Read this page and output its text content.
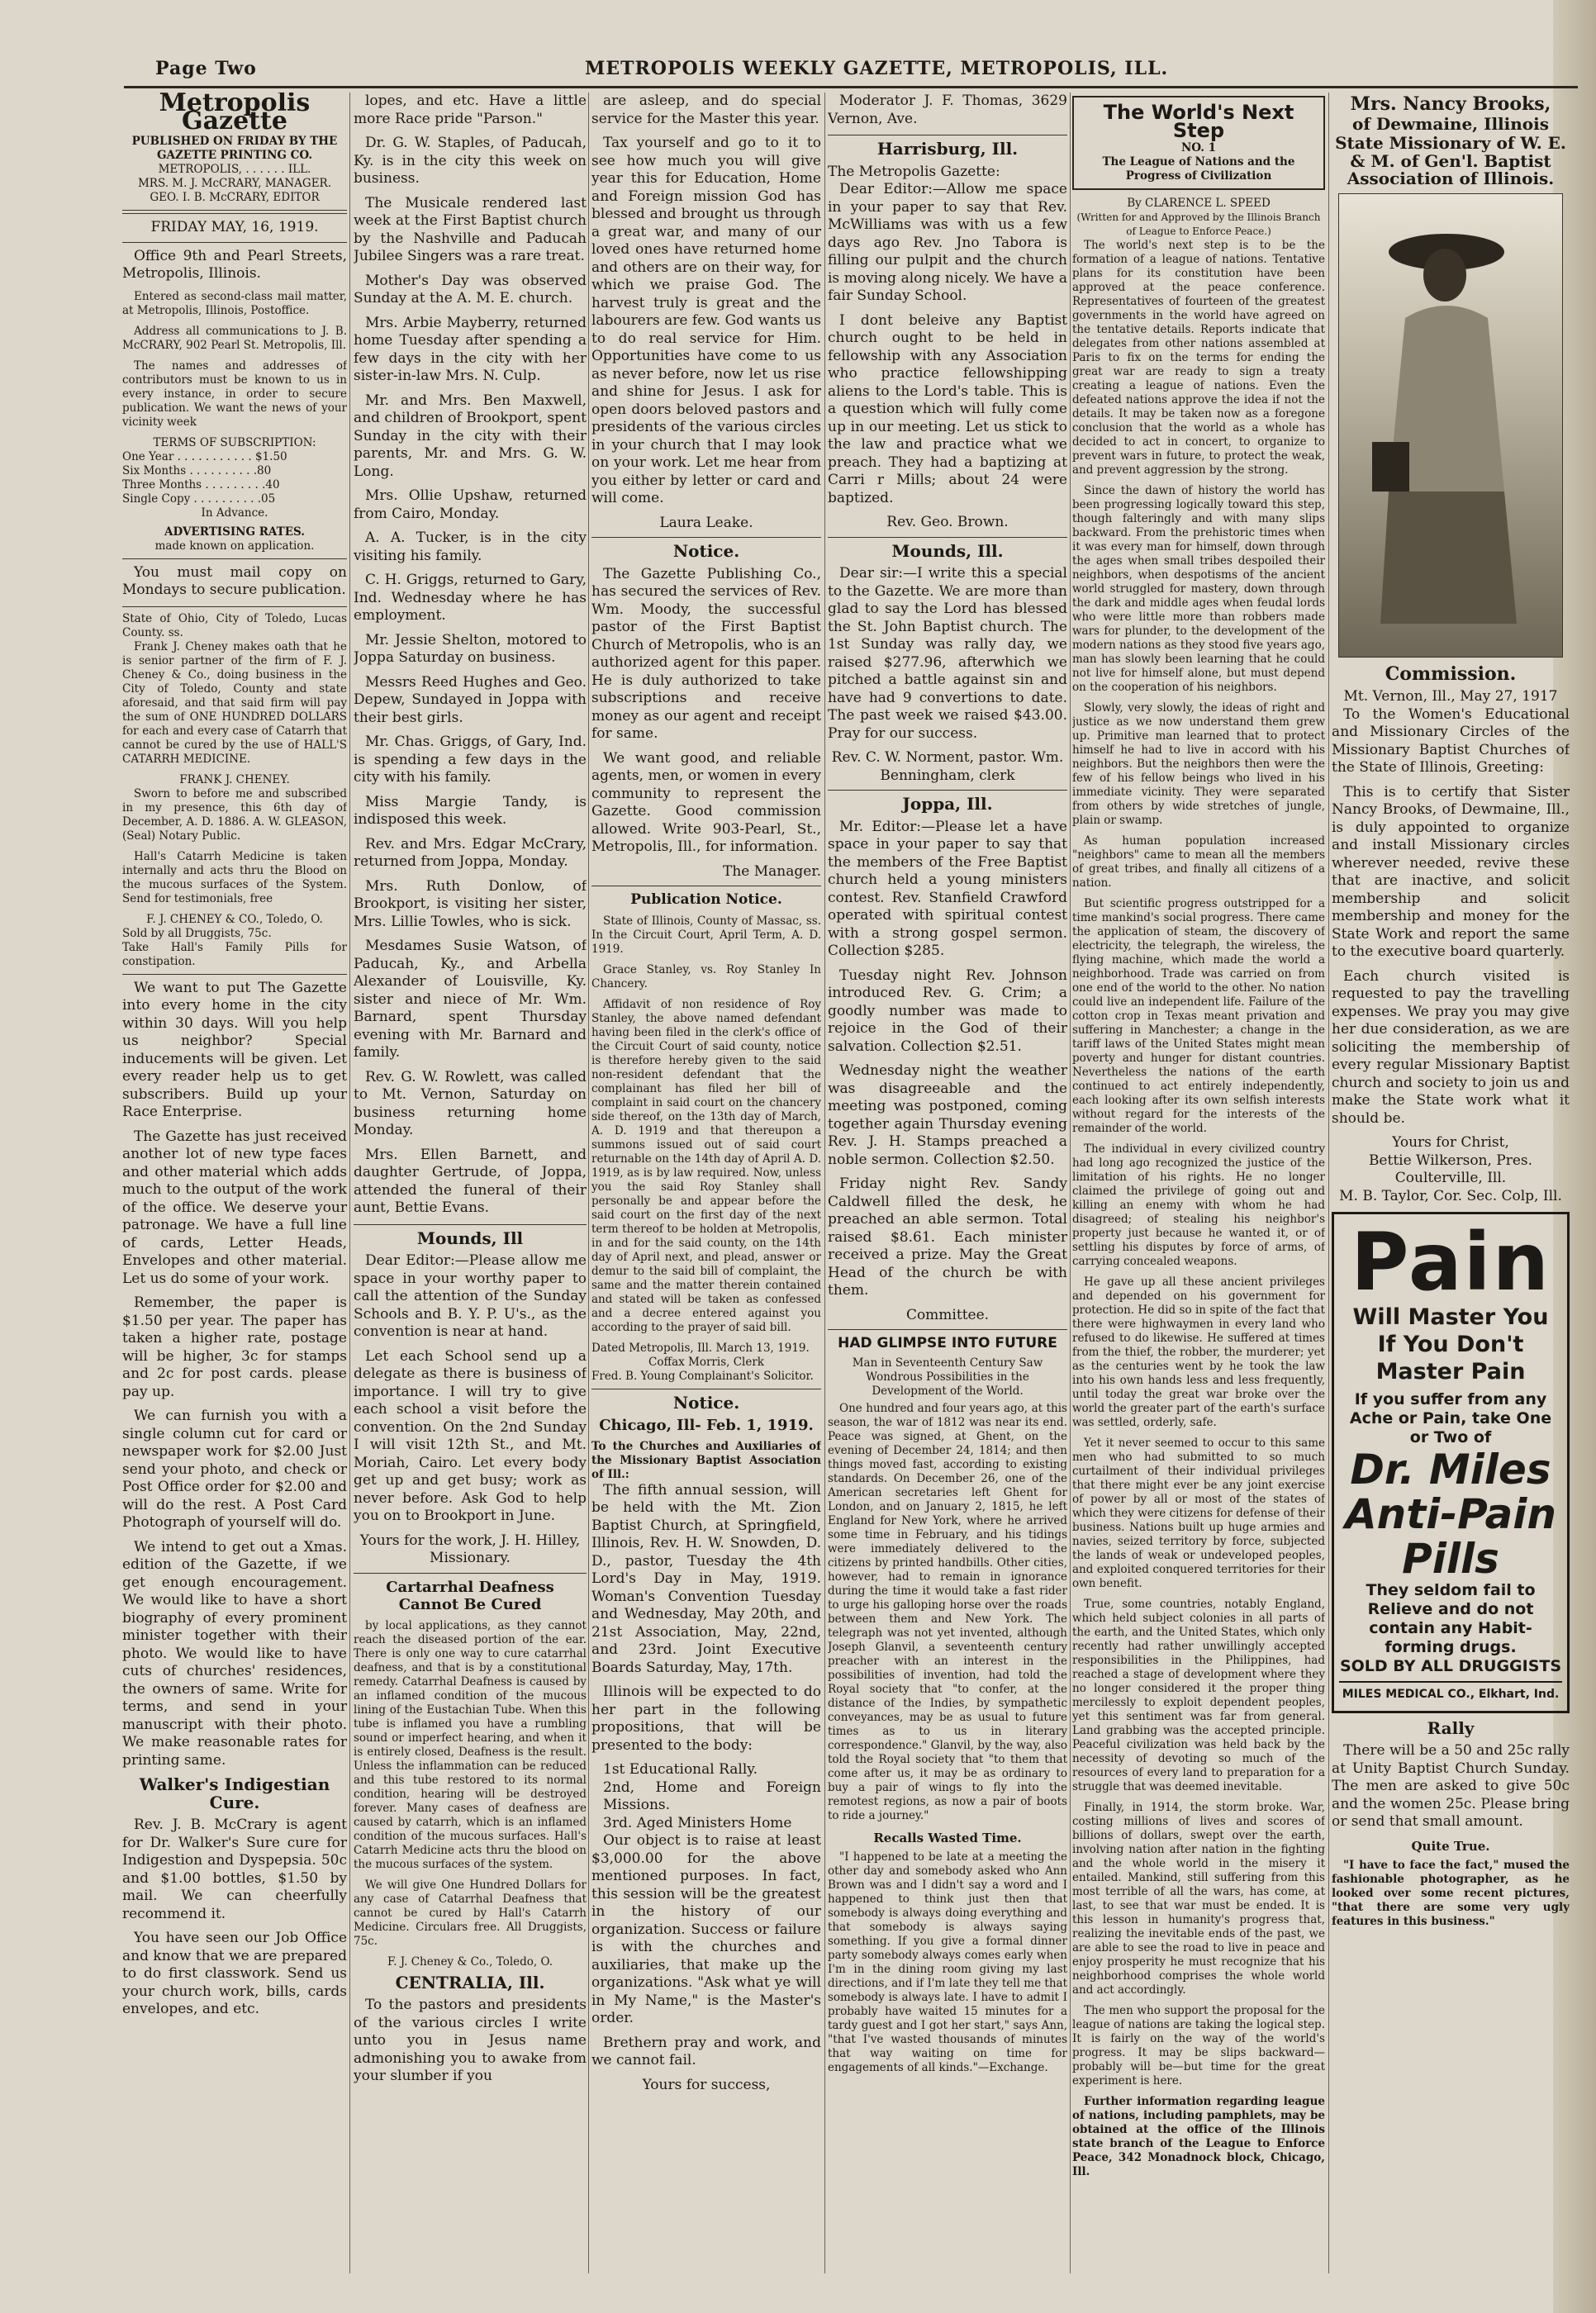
Page Two	METROPOLIS WEEKLY GAZETTE, METROPOLIS, ILL.
Metropolis Gazette
PUBLISHED ON FRIDAY BY THE GAZETTE PRINTING CO.
METROPOLIS, . . . . . . ILL.
MRS. M. J. McCRARY, MANAGER.
GEO. I. B. McCRARY, EDITOR
FRIDAY MAY, 16, 1919.

Office 9th and Pearl Streets, Metropolis, Illinois.

Entered as second-class mail matter, at Metropolis, Illinois, Postoffice.

Address all communications to J. B. McCRARY, 902 Pearl St. Metropolis, Ill.

The names and addresses of contributors must be known to us in every instance, in order to secure publication. We want the news of your vicinity week

TERMS OF SUBSCRIPTION:
One Year . . . . . . . . . . . $1.50
Six Months . . . . . . . . . .80
Three Months . . . . . . . . .40
Single Copy . . . . . . . . . .05
In Advance.
ADVERTISING RATES.
made known on application.

You must mail copy on Mondays to secure publication.

State of Ohio, City of Toledo, Lucas County. ss.

Frank J. Cheney makes oath that he is senior partner of the firm of F. J. Cheney & Co., doing business in the City of Toledo, County and state aforesaid, and that said firm will pay the sum of ONE HUNDRED DOLLARS for each and every case of Catarrh that cannot be cured by the use of HALL'S CATARRH MEDICINE.

FRANK J. CHENEY.

Sworn to before me and subscribed in my presence, this 6th day of December, A. D. 1886. A. W. GLEASON, (Seal) Notary Public.

Hall's Catarrh Medicine is taken internally and acts thru the Blood on the mucous surfaces of the System. Send for testimonials, free

F. J. CHENEY & CO., Toledo, O.
Sold by all Druggists, 75c.
Take Hall's Family Pills for constipation.

We want to put The Gazette into every home in the city within 30 days. Will you help us neighbor? Special inducements will be given. Let every reader help us to get subscribers. Build up your Race Enterprise.

The Gazette has just received another lot of new type faces and other material which adds much to the output of the work of the office. We deserve your patronage. We have a full line of cards, Letter Heads, Envelopes and other material. Let us do some of your work.

Remember, the paper is $1.50 per year. The paper has taken a higher rate, postage will be higher, 3c for stamps and 2c for post cards. please pay up.

We can furnish you with a single column cut for card or newspaper work for $2.00 Just send your photo, and check or Post Office order for $2.00 and will do the rest. A Post Card Photograph of yourself will do.

We intend to get out a Xmas. edition of the Gazette, if we get enough encouragement. We would like to have a short biography of every prominent minister together with their photo. We would like to have cuts of churches' residences, the owners of same. Write for terms, and send in your manuscript with their photo. We make reasonable rates for printing same.

Walker's Indigestian Cure.

Rev. J. B. McCrary is agent for Dr. Walker's Sure cure for Indigestion and Dyspepsia. 50c and $1.00 bottles, $1.50 by mail. We can cheerfully recommend it.

You have seen our Job Office and know that we are prepared to do first classwork. Send us your church work, bills, cards envelopes, and etc.

lopes, and etc. Have a little more Race pride "Parson."

Dr. G. W. Staples, of Paducah, Ky. is in the city this week on business.

The Musicale rendered last week at the First Baptist church by the Nashville and Paducah Jubilee Singers was a rare treat.

Mother's Day was observed Sunday at the A. M. E. church.

Mrs. Arbie Mayberry, returned home Tuesday after spending a few days in the city with her sister-in-law Mrs. N. Culp.

Mr. and Mrs. Ben Maxwell, and children of Brookport, spent Sunday in the city with their parents, Mr. and Mrs. G. W. Long.

Mrs. Ollie Upshaw, returned from Cairo, Monday.

A. A. Tucker, is in the city visiting his family.

C. H. Griggs, returned to Gary, Ind. Wednesday where he has employment.

Mr. Jessie Shelton, motored to Joppa Saturday on business.

Messrs Reed Hughes and Geo. Depew, Sundayed in Joppa with their best girls.

Mr. Chas. Griggs, of Gary, Ind. is spending a few days in the city with his family.

Miss Margie Tandy, is indisposed this week.

Rev. and Mrs. Edgar McCrary, returned from Joppa, Monday.

Mrs. Ruth Donlow, of Brookport, is visiting her sister, Mrs. Lillie Towles, who is sick.

Mesdames Susie Watson, of Paducah, Ky., and Arbella Alexander of Louisville, Ky. sister and niece of Mr. Wm. Barnard, spent Thursday evening with Mr. Barnard and family.

Rev. G. W. Rowlett, was called to Mt. Vernon, Saturday on business returning home Monday.

Mrs. Ellen Barnett, and daughter Gertrude, of Joppa, attended the funeral of their aunt, Bettie Evans.

Mounds, Ill

Dear Editor:—Please allow me space in your worthy paper to call the attention of the Sunday Schools and B. Y. P. U's., as the convention is near at hand.

Let each School send up a delegate as there is business of importance. I will try to give each school a visit before the convention. On the 2nd Sunday I will visit 12th St., and Mt. Moriah, Cairo. Let every body get up and get busy; work as never before. Ask God to help you on to Brookport in June.

Yours for the work, J. H. Hilley, Missionary.
Cartarrhal Deafness Cannot Be Cured

by local applications, as they cannot reach the diseased portion of the ear. There is only one way to cure catarrhal deafness, and that is by a constitutional remedy. Catarrhal Deafness is caused by an inflamed condition of the mucous lining of the Eustachian Tube. When this tube is inflamed you have a rumbling sound or imperfect hearing, and when it is entirely closed, Deafness is the result. Unless the inflammation can be reduced and this tube restored to its normal condition, hearing will be destroyed forever. Many cases of deafness are caused by catarrh, which is an inflamed condition of the mucous surfaces. Hall's Catarrh Medicine acts thru the blood on the mucous surfaces of the system.

We will give One Hundred Dollars for any case of Catarrhal Deafness that cannot be cured by Hall's Catarrh Medicine. Circulars free. All Druggists, 75c.

F. J. Cheney & Co., Toledo, O.
CENTRALIA, Ill.

To the pastors and presidents of the various circles I write unto you in Jesus name admonishing you to awake from your slumber if you

are asleep, and do special service for the Master this year.

Tax yourself and go to it to see how much you will give year this for Education, Home and Foreign mission God has blessed and brought us through a great war, and many of our loved ones have returned home and others are on their way, for which we praise God. The harvest truly is great and the labourers are few. God wants us to do real service for Him. Opportunities have come to us as never before, now let us rise and shine for Jesus. I ask for open doors beloved pastors and presidents of the various circles in your church that I may look on your work. Let me hear from you either by letter or card and will come.

Laura Leake.
Notice.

The Gazette Publishing Co., has secured the services of Rev. Wm. Moody, the successful pastor of the First Baptist Church of Metropolis, who is an authorized agent for this paper. He is duly authorized to take subscriptions and receive money as our agent and receipt for same.

We want good, and reliable agents, men, or women in every community to represent the Gazette. Good commission allowed. Write 903-Pearl, St., Metropolis, Ill., for information.

The Manager.
Publication Notice.

State of Illinois, County of Massac, ss. In the Circuit Court, April Term, A. D. 1919.

Grace Stanley, vs. Roy Stanley In Chancery.

Affidavit of non residence of Roy Stanley, the above named defendant having been filed in the clerk's office of the Circuit Court of said county, notice is therefore hereby given to the said non-resident defendant that the complainant has filed her bill of complaint in said court on the chancery side thereof, on the 13th day of March, A. D. 1919 and that thereupon a summons issued out of said court returnable on the 14th day of April A. D. 1919, as is by law required. Now, unless you the said Roy Stanley shall personally be and appear before the said court on the first day of the next term thereof to be holden at Metropolis, in and for the said county, on the 14th day of April next, and plead, answer or demur to the said bill of complaint, the same and the matter therein contained and stated will be taken as confessed and a decree entered against you according to the prayer of said bill.

Dated Metropolis, Ill. March 13, 1919.
Coffax Morris, Clerk
Fred. B. Young Complainant's Solicitor.
Notice.
Chicago, Ill- Feb. 1, 1919.
To the Churches and Auxiliaries of the Missionary Baptist Association of Ill.:

The fifth annual session, will be held with the Mt. Zion Baptist Church, at Springfield, Illinois, Rev. H. W. Snowden, D. D., pastor, Tuesday the 4th Lord's Day in May, 1919. Woman's Convention Tuesday and Wednesday, May 20th, and 21st Association, May, 22nd, and 23rd. Joint Executive Boards Saturday, May, 17th.

Illinois will be expected to do her part in the following propositions, that will be presented to the body:

1st Educational Rally.
2nd, Home and Foreign Missions.
3rd. Aged Ministers Home

Our object is to raise at least $3,000.00 for the above mentioned purposes. In fact, this session will be the greatest in the history of our organization. Success or failure is with the churches and auxiliaries, that make up the organizations. "Ask what ye will in My Name," is the Master's order.

Brethern pray and work, and we cannot fail.

Yours for success,

Moderator J. F. Thomas, 3629 Vernon, Ave.

Harrisburg, Ill.
The Metropolis Gazette:

Dear Editor:—Allow me space in your paper to say that Rev. McWilliams was with us a few days ago Rev. Jno Tabora is filling our pulpit and the church is moving along nicely. We have a fair Sunday School.

I dont beleive any Baptist church ought to be held in fellowship with any Association who practice fellowshipping aliens to the Lord's table. This is a question which will fully come up in our meeting. Let us stick to the law and practice what we preach. They had a baptizing at Carri r Mills; about 24 were baptized.

Rev. Geo. Brown.
Mounds, Ill.

Dear sir:—I write this a special to the Gazette. We are more than glad to say the Lord has blessed the St. John Baptist church. The 1st Sunday was rally day, we raised $277.96, afterwhich we pitched a battle against sin and have had 9 convertions to date. The past week we raised $43.00. Pray for our success.

Rev. C. W. Norment, pastor. Wm. Benningham, clerk
Joppa, Ill.

Mr. Editor:—Please let a have space in your paper to say that the members of the Free Baptist church held a young ministers contest. Rev. Stanfield Crawford operated with spiritual contest with a strong gospel sermon. Collection $285.

Tuesday night Rev. Johnson introduced Rev. G. Crim; a goodly number was made to rejoice in the God of their salvation. Collection $2.51.

Wednesday night the weather was disagreeable and the meeting was postponed, coming together again Thursday evening Rev. J. H. Stamps preached a noble sermon. Collection $2.50.

Friday night Rev. Sandy Caldwell filled the desk, he preached an able sermon. Total raised $8.61. Each minister received a prize. May the Great Head of the church be with them.

Committee.
HAD GLIMPSE INTO FUTURE
Man in Seventeenth Century Saw Wondrous Possibilities in the Development of the World.

One hundred and four years ago, at this season, the war of 1812 was near its end. Peace was signed, at Ghent, on the evening of December 24, 1814; and then things moved fast, according to existing standards. On December 26, one of the American secretaries left Ghent for London, and on January 2, 1815, he left England for New York, where he arrived some time in February, and his tidings were immediately delivered to the citizens by printed handbills. Other cities, however, had to remain in ignorance during the time it would take a fast rider to urge his galloping horse over the roads between them and New York. The telegraph was not yet invented, although Joseph Glanvil, a seventeenth century preacher with an interest in the possibilities of invention, had told the Royal society that "to confer, at the distance of the Indies, by sympathetic conveyances, may be as usual to future times as to us in literary correspondence." Glanvil, by the way, also told the Royal society that "to them that come after us, it may be as ordinary to buy a pair of wings to fly into the remotest regions, as now a pair of boots to ride a journey."

Recalls Wasted Time.

"I happened to be late at a meeting the other day and somebody asked who Ann Brown was and I didn't say a word and I happened to think just then that somebody is always doing everything and that somebody is always saying something. If you give a formal dinner party somebody always comes early when I'm in the dining room giving my last directions, and if I'm late they tell me that somebody is always late. I have to admit I probably have waited 15 minutes for a tardy guest and I got her start," says Ann, "that I've wasted thousands of minutes that way waiting on time for engagements of all kinds."—Exchange.

The World's Next Step
NO. 1
The League of Nations and the Progress of Civilization
By CLARENCE L. SPEED
(Written for and Approved by the Illinois Branch of League to Enforce Peace.)

The world's next step is to be the formation of a league of nations. Tentative plans for its constitution have been approved at the peace conference. Representatives of fourteen of the greatest governments in the world have agreed on the tentative details. Reports indicate that delegates from other nations assembled at Paris to fix on the terms for ending the great war are ready to sign a treaty creating a league of nations. Even the defeated nations approve the idea if not the details. It may be taken now as a foregone conclusion that the world as a whole has decided to act in concert, to organize to prevent wars in future, to protect the weak, and prevent aggression by the strong.

Since the dawn of history the world has been progressing logically toward this step, though falteringly and with many slips backward. From the prehistoric times when it was every man for himself, down through the ages when small tribes despoiled their neighbors, when despotisms of the ancient world struggled for mastery, down through the dark and middle ages when feudal lords who were little more than robbers made wars for plunder, to the development of the modern nations as they stood five years ago, man has slowly been learning that he could not live for himself alone, but must depend on the cooperation of his neighbors.

Slowly, very slowly, the ideas of right and justice as we now understand them grew up. Primitive man learned that to protect himself he had to live in accord with his neighbors. But the neighbors then were the few of his fellow beings who lived in his immediate vicinity. They were separated from others by wide stretches of jungle, plain or swamp.

As human population increased "neighbors" came to mean all the members of great tribes, and finally all citizens of a nation.

But scientific progress outstripped for a time mankind's social progress. There came the application of steam, the discovery of electricity, the telegraph, the wireless, the flying machine, which made the world a neighborhood. Trade was carried on from one end of the world to the other. No nation could live an independent life. Failure of the cotton crop in Texas meant privation and suffering in Manchester; a change in the tariff laws of the United States might mean poverty and hunger for distant countries. Nevertheless the nations of the earth continued to act entirely independently, each looking after its own selfish interests without regard for the interests of the remainder of the world.

The individual in every civilized country had long ago recognized the justice of the limitation of his rights. He no longer claimed the privilege of going out and killing an enemy with whom he had disagreed; of stealing his neighbor's property just because he wanted it, or of settling his disputes by force of arms, of carrying concealed weapons.

He gave up all these ancient privileges and depended on his government for protection. He did so in spite of the fact that there were highwaymen in every land who refused to do likewise. He suffered at times from the thief, the robber, the murderer; yet as the centuries went by he took the law into his own hands less and less frequently, until today the great war broke over the world the greater part of the earth's surface was settled, orderly, safe.

Yet it never seemed to occur to this same men who had submitted to so much curtailment of their individual privileges that there might ever be any joint exercise of power by all or most of the states of which they were citizens for defense of their business. Nations built up huge armies and navies, seized territory by force, subjected the lands of weak or undeveloped peoples, and exploited conquered territories for their own benefit.

True, some countries, notably England, which held subject colonies in all parts of the earth, and the United States, which only recently had rather unwillingly accepted responsibilities in the Philippines, had reached a stage of development where they no longer considered it the proper thing mercilessly to exploit dependent peoples, yet this sentiment was far from general. Land grabbing was the accepted principle. Peaceful civilization was held back by the necessity of devoting so much of the resources of every land to preparation for a struggle that was deemed inevitable.

Finally, in 1914, the storm broke. War, costing millions of lives and scores of billions of dollars, swept over the earth, involving nation after nation in the fighting and the whole world in the misery it entailed. Mankind, still suffering from this most terrible of all the wars, has come, at last, to see that war must be ended. It is this lesson in humanity's progress that, realizing the inevitable ends of the past, we are able to see the road to live in peace and enjoy prosperity he must recognize that his neighborhood comprises the whole world and act accordingly.

The men who support the proposal for the league of nations are taking the logical step. It is fairly on the way of the world's progress. It may be slips backward—probably will be—but time for the great experiment is here.

Further information regarding league of nations, including pamphlets, may be obtained at the office of the Illinois state branch of the League to Enforce Peace, 342 Monadnock block, Chicago, Ill.

Mrs. Nancy Brooks,
of Dewmaine, Illinois
State Missionary of W. E. & M. of Gen'l. Baptist Association of Illinois.
Commission.
Mt. Vernon, Ill., May 27, 1917

To the Women's Educational and Missionary Circles of the Missionary Baptist Churches of the State of Illinois, Greeting:

This is to certify that Sister Nancy Brooks, of Dewmaine, Ill., is duly appointed to organize and install Missionary circles wherever needed, revive these that are inactive, and solicit membership and solicit membership and money for the State Work and report the same to the executive board quarterly.

Each church visited is requested to pay the travelling expenses. We pray you may give her due consideration, as we are soliciting the membership of every regular Missionary Baptist church and society to join us and make the State work what it should be.

Yours for Christ,
Bettie Wilkerson, Pres. Coulterville, Ill.
M. B. Taylor, Cor. Sec. Colp, Ill.
Pain
Will Master You
If You Don't
Master Pain
If you suffer from any Ache or Pain, take One or Two of
Dr. Miles Anti-Pain Pills
They seldom fail to Relieve and do not contain any Habit-forming drugs.
SOLD BY ALL DRUGGISTS
MILES MEDICAL CO., Elkhart, Ind.
Rally

There will be a 50 and 25c rally at Unity Baptist Church Sunday. The men are asked to give 50c and the women 25c. Please bring or send that small amount.

Quite True.

"I have to face the fact," mused the fashionable photographer, as he looked over some recent pictures, "that there are some very ugly features in this business."
